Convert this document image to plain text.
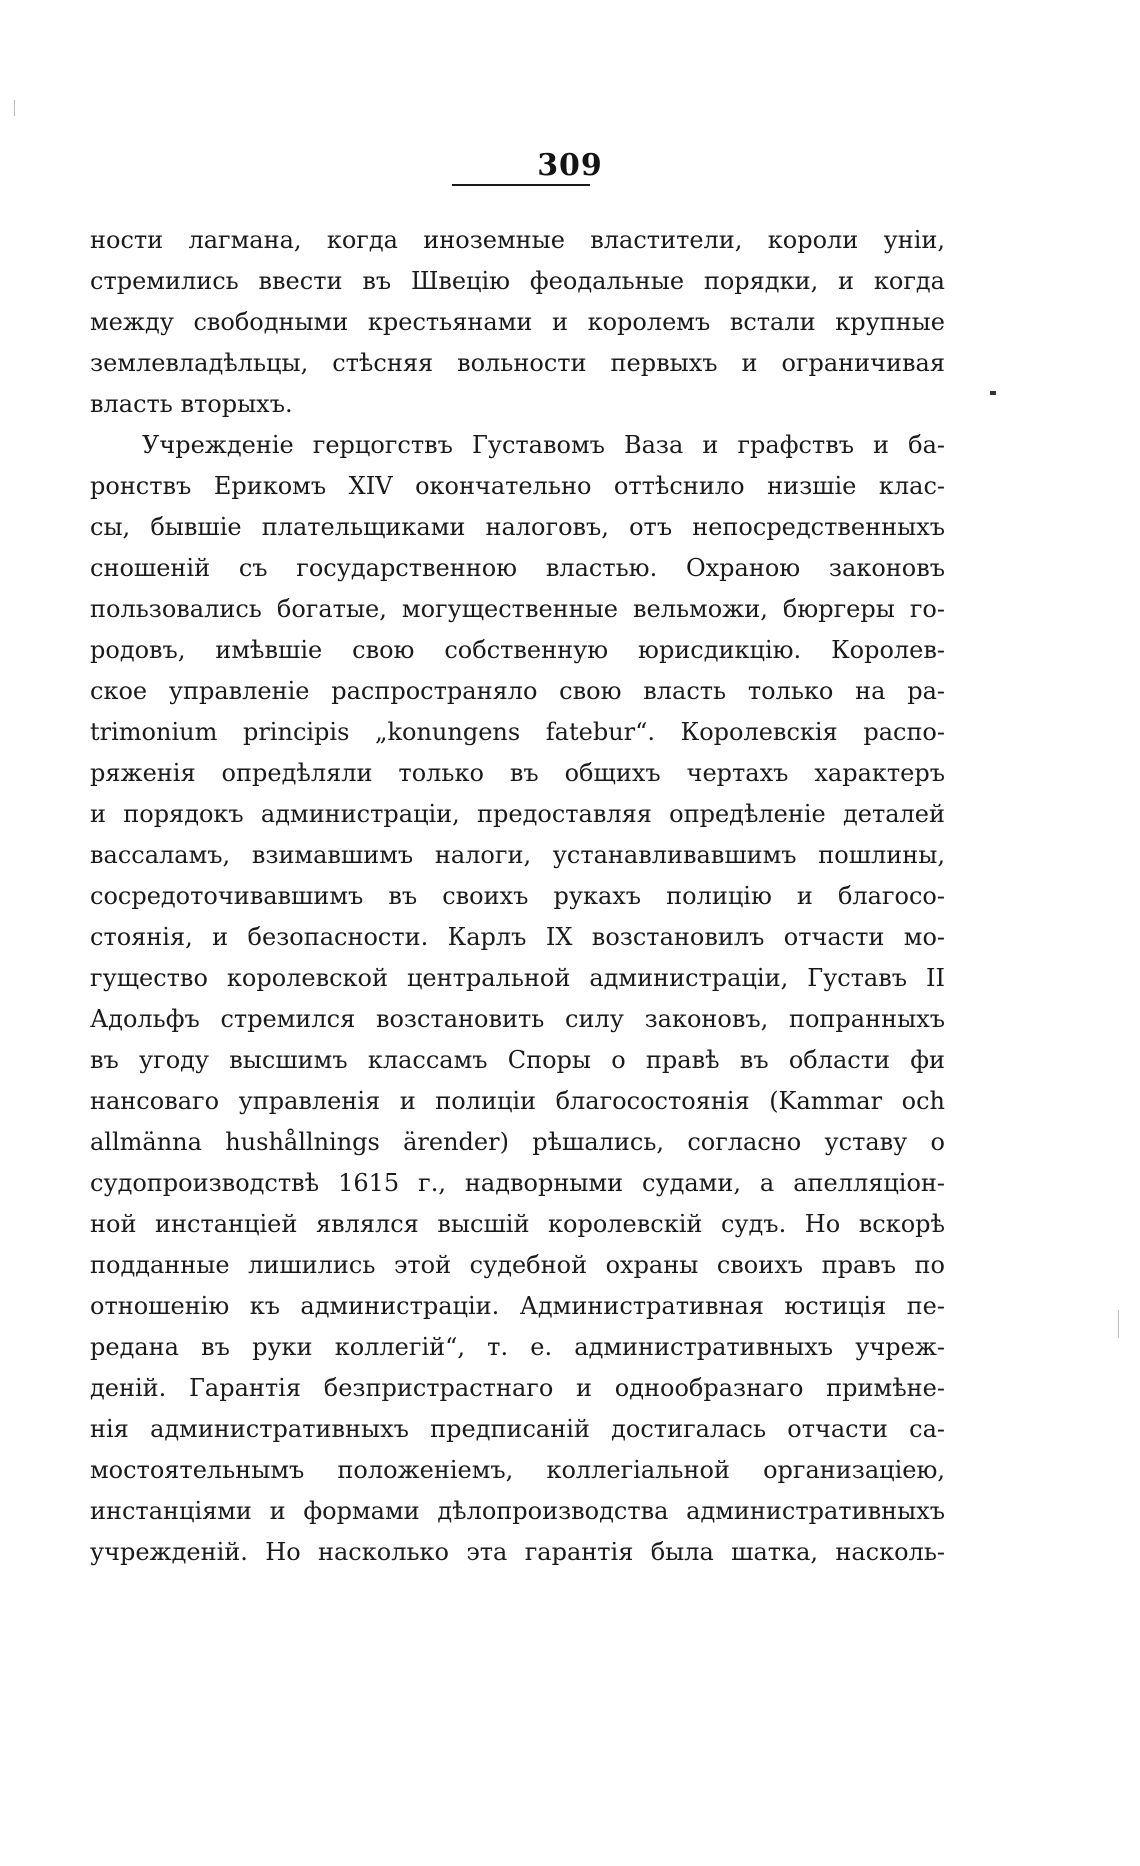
309
ности лагмана, когда иноземные властители, короли уніи,
стремились ввести въ Швецію феодальные порядки, и когда
между свободными крестьянами и королемъ встали крупные
землевладѣльцы, стѣсняя вольности первыхъ и ограничивая
власть вторыхъ.
Учрежденіе герцогствъ Густавомъ Ваза и графствъ и ба-
ронствъ Ерикомъ XIV окончательно оттѣснило низшіе клас-
сы, бывшіе плательщиками налоговъ, отъ непосредственныхъ
сношеній съ государственною властью. Охраною законовъ
пользовались богатые, могущественные вельможи, бюргеры го-
родовъ, имѣвшіе свою собственную юрисдикцію. Королев-
ское управленіе распространяло свою власть только на pa-
trimonium principis „konungens fatebur“. Королевскія распо-
ряженія опредѣляли только въ общихъ чертахъ характеръ
и порядокъ администраціи, предоставляя опредѣленіе деталей
вассаламъ, взимавшимъ налоги, устанавливавшимъ пошлины,
сосредоточивавшимъ въ своихъ рукахъ полицію и благосо-
стоянія, и безопасности. Карлъ IX возстановилъ отчасти мо-
гущество королевской центральной администраціи, Густавъ II
Адольфъ стремился возстановить силу законовъ, попранныхъ
въ угоду высшимъ классамъ Споры о правѣ въ области фи
нансоваго управленія и полиціи благосостоянія (Kammar och
allmänna hushållnings ärender) рѣшались, согласно уставу о
судопроизводствѣ 1615 г., надворными судами, а апелляціон-
ной инстанціей являлся высшій королевскій судъ. Но вскорѣ
подданные лишились этой судебной охраны своихъ правъ по
отношенію къ администраціи. Административная юстиція пе-
редана въ руки коллегій“, т. е. административныхъ учреж-
деній. Гарантія безпристрастнаго и однообразнаго примѣне-
нія административныхъ предписаній достигалась отчасти са-
мостоятельнымъ положеніемъ, коллегіальной организаціею,
инстанціями и формами дѣлопроизводства административныхъ
учрежденій. Но насколько эта гарантія была шатка, насколь-
